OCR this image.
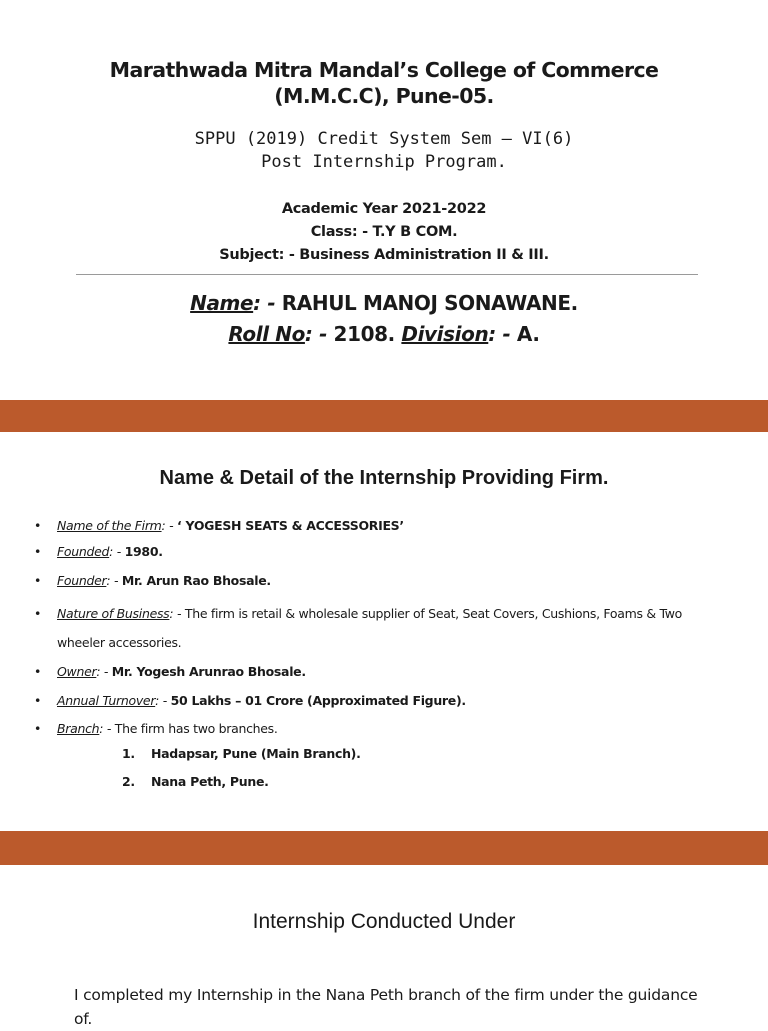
Marathwada Mitra Mandal’s College of Commerce
(M.M.C.C), Pune-05.
SPPU (2019) Credit System Sem – VI(6)
Post Internship Program.
Academic Year 2021-2022
Class: - T.Y B COM.
Subject: - Business Administration II & III.
Name: - RAHUL MANOJ SONAWANE.
Roll No: - 2108. Division: - A.
Name & Detail of the Internship Providing Firm.
• Name of the Firm: - ‘ YOGESH SEATS & ACCESSORIES’
• Founded: - 1980.
• Founder: - Mr. Arun Rao Bhosale.
• Nature of Business: - The firm is retail & wholesale supplier of Seat, Seat Covers, Cushions, Foams & Two wheeler accessories.
• Owner: - Mr. Yogesh Arunrao Bhosale.
• Annual Turnover: - 50 Lakhs – 01 Crore (Approximated Figure).
• Branch: - The firm has two branches.
1. Hadapsar, Pune (Main Branch).
2. Nana Peth, Pune.
Internship Conducted Under
I completed my Internship in the Nana Peth branch of the firm under the guidance of.
